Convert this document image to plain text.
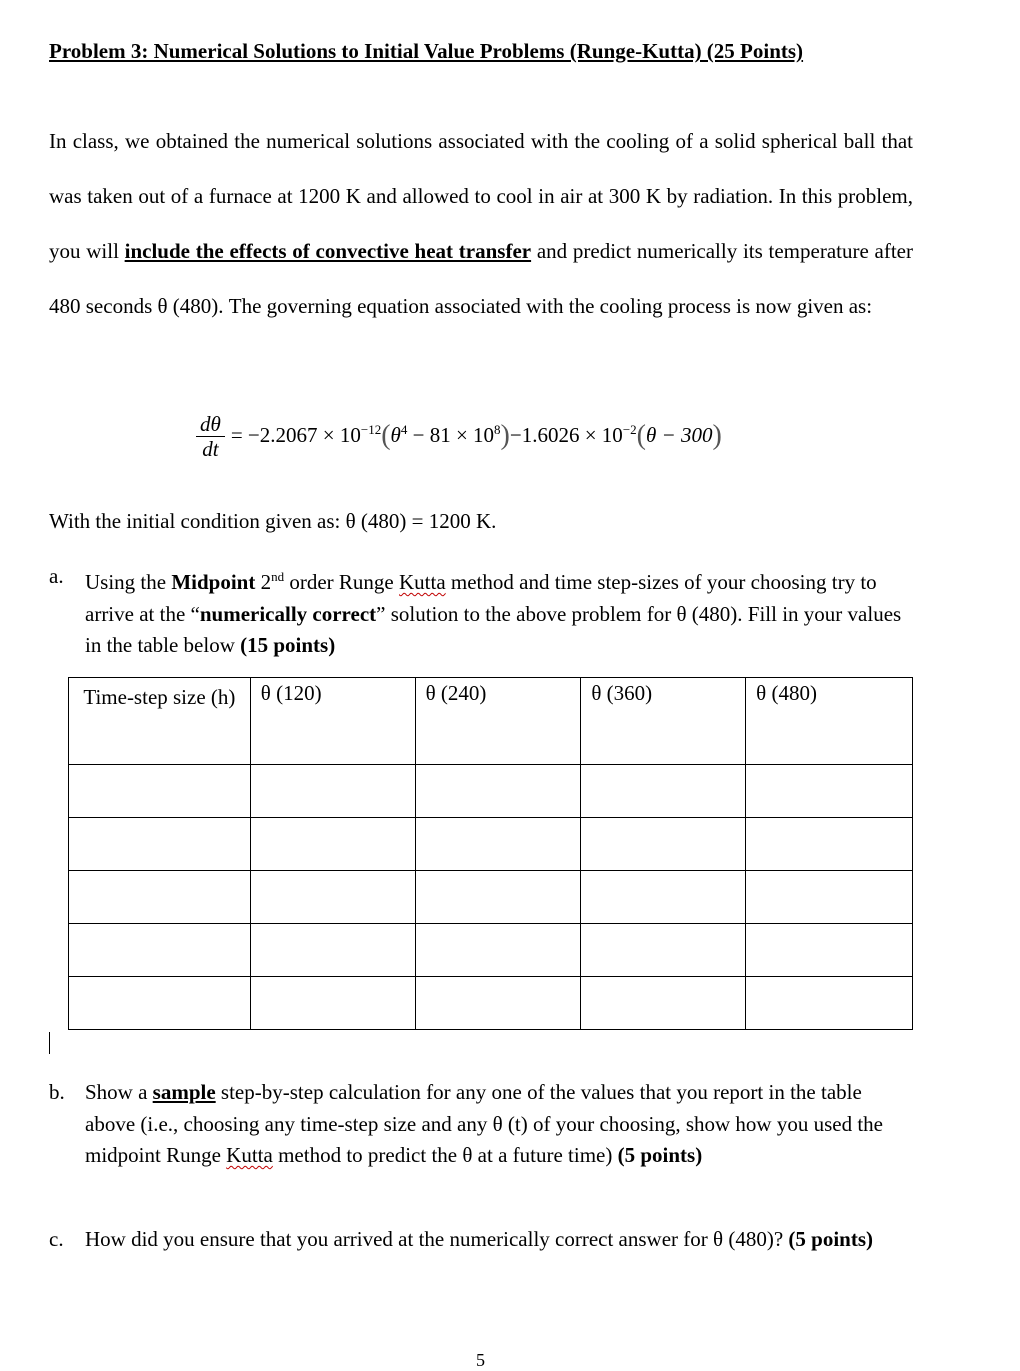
Problem 3: Numerical Solutions to Initial Value Problems (Runge-Kutta) (25 Points)

In class, we obtained the numerical solutions associated with the cooling of a solid spherical ball that was taken out of a furnace at 1200 K and allowed to cool in air at 300 K by radiation. In this problem, you will include the effects of convective heat transfer and predict numerically its temperature after 480 seconds θ (480). The governing equation associated with the cooling process is now given as:

$\frac{d\theta}{dt} = -2.2067 \times 10^{-12}(\theta^4 - 81 \times 10^8)-1.6026 \times 10^{-2}(\theta - 300)$
With the initial condition given as: θ (480) = 1200 K.
a. Using the Midpoint 2nd order Runge Kutta method and time step-sizes of your choosing try to arrive at the “numerically correct” solution to the above problem for θ (480). Fill in your values in the table below (15 points)
Time-step size (h)	θ (120)	θ (240)	θ (360)	θ (480)

b. Show a sample step-by-step calculation for any one of the values that you report in the table above (i.e., choosing any time-step size and any θ (t) of your choosing, show how you used the midpoint Runge Kutta method to predict the θ at a future time) (5 points)
c. How did you ensure that you arrived at the numerically correct answer for θ (480)? (5 points)
5
